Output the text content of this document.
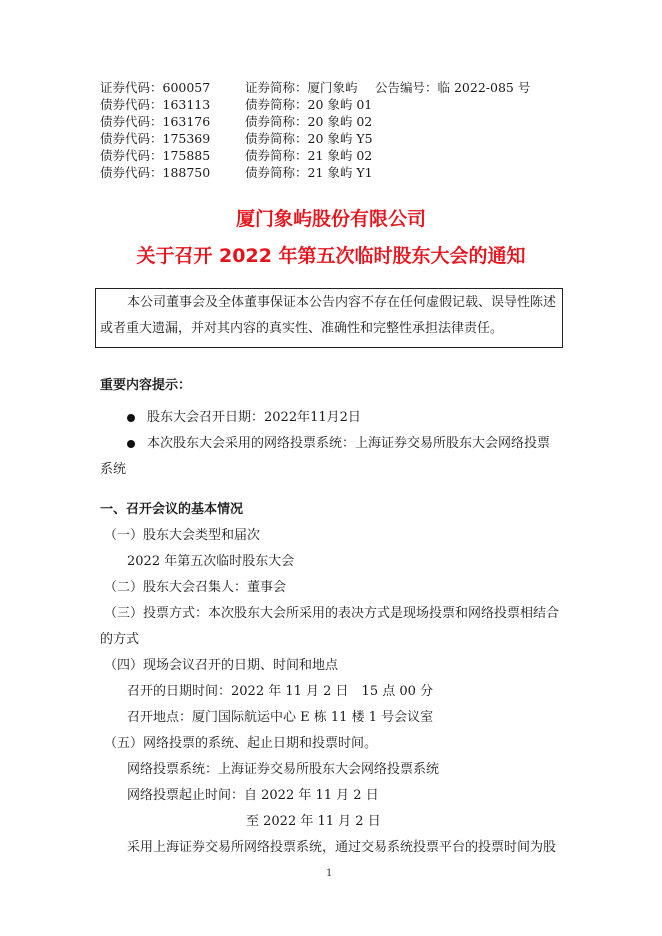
证券代码：600057	证券简称：厦门象屿 公告编号：临 2022-085 号
债券代码：163113	债券简称：20 象屿 01
债券代码：163176	债券简称：20 象屿 02
债券代码：175369	债券简称：20 象屿 Y5
债券代码：175885	债券简称：21 象屿 02
债券代码：188750	债券简称：21 象屿 Y1
厦门象屿股份有限公司
关于召开 2022 年第五次临时股东大会的通知
本公司董事会及全体董事保证本公告内容不存在任何虚假记载、误导性陈述
或者重大遗漏，并对其内容的真实性、准确性和完整性承担法律责任。
重要内容提示：
股东大会召开日期：2022年11月2日
本次股东大会采用的网络投票系统：上海证券交易所股东大会网络投票
系统
一、召开会议的基本情况
（一）股东大会类型和届次
2022 年第五次临时股东大会
（二）股东大会召集人：董事会
（三）投票方式：本次股东大会所采用的表决方式是现场投票和网络投票相结合
的方式
（四）现场会议召开的日期、时间和地点
召开的日期时间：2022 年 11 月 2 日　15 点 00 分
召开地点：厦门国际航运中心 E 栋 11 楼 1 号会议室
（五）网络投票的系统、起止日期和投票时间。
网络投票系统：上海证券交易所股东大会网络投票系统
网络投票起止时间：自 2022 年 11 月 2 日
至 2022 年 11 月 2 日
采用上海证券交易所网络投票系统，通过交易系统投票平台的投票时间为股
1
